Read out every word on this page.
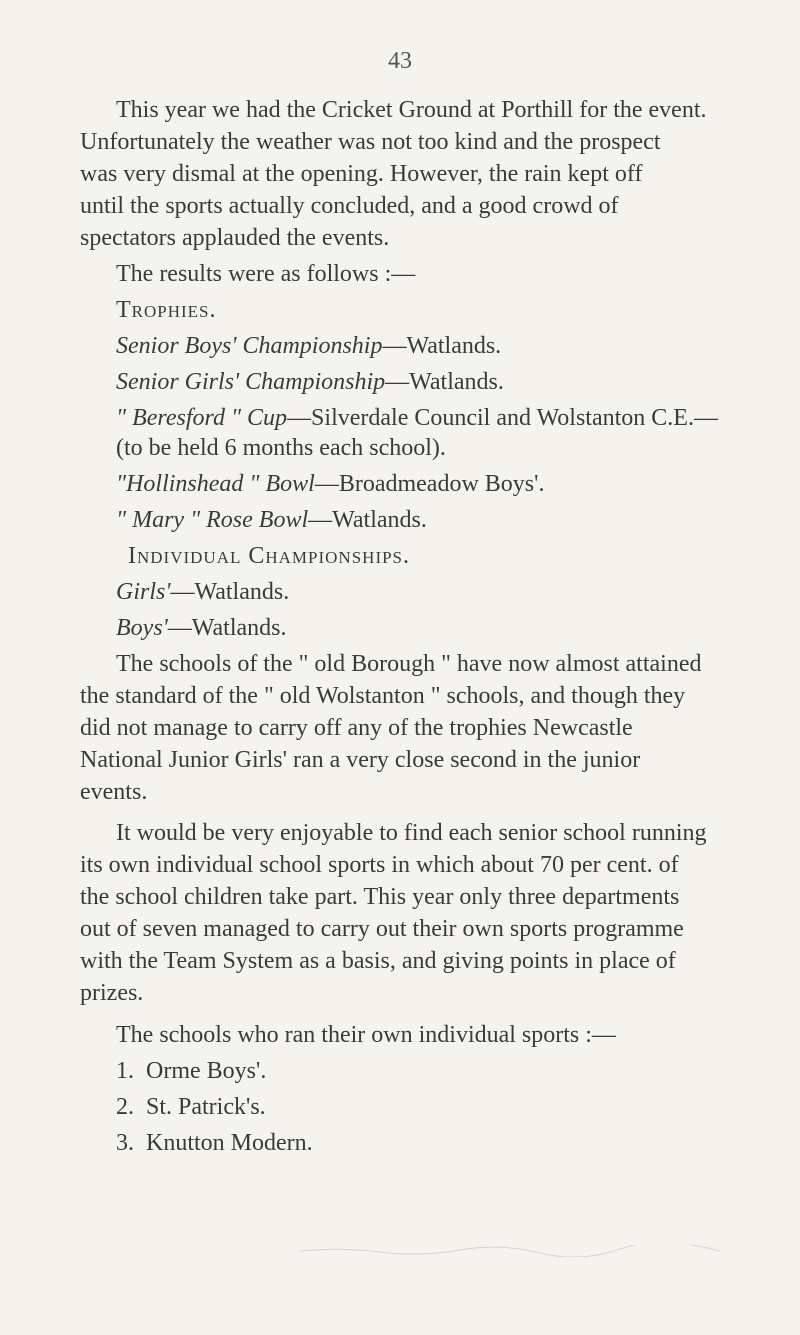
43
This year we had the Cricket Ground at Porthill for the event.
Unfortunately the weather was not too kind and the prospect
was very dismal at the opening. However, the rain kept off
until the sports actually concluded, and a good crowd of
spectators applauded the events.
The results were as follows :—
Trophies.
Senior Boys' Championship—Watlands.
Senior Girls' Championship—Watlands.
" Beresford " Cup—Silverdale Council and Wolstanton C.E.—
(to be held 6 months each school).
"Hollinshead " Bowl—Broadmeadow Boys'.
" Mary " Rose Bowl—Watlands.
Individual Championships.
Girls'—Watlands.
Boys'—Watlands.
The schools of the " old Borough " have now almost attained
the standard of the " old Wolstanton " schools, and though they
did not manage to carry off any of the trophies Newcastle
National Junior Girls' ran a very close second in the junior
events.
It would be very enjoyable to find each senior school running
its own individual school sports in which about 70 per cent. of
the school children take part. This year only three departments
out of seven managed to carry out their own sports programme
with the Team System as a basis, and giving points in place of
prizes.
The schools who ran their own individual sports :—
1. Orme Boys'.
2. St. Patrick's.
3. Knutton Modern.
